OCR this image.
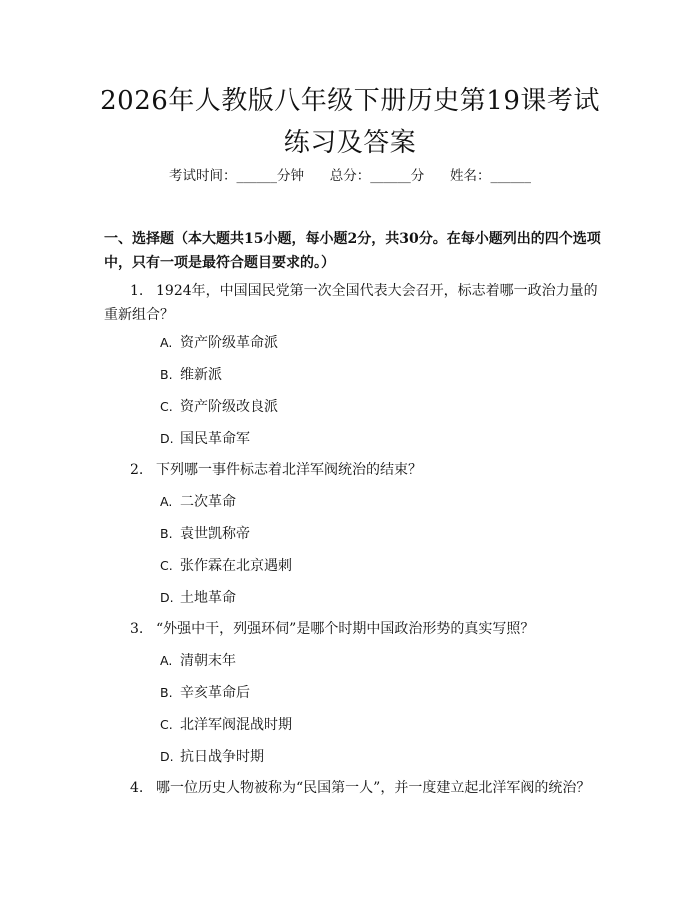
2026年人教版八年级下册历史第19课考试
练习及答案
考试时间：______分钟      总分：______分      姓名：______
一、选择题（本大题共15小题，每小题2分，共30分。在每小题列出的四个选项中，只有一项是最符合题目要求的。）
1. 1924年，中国国民党第一次全国代表大会召开，标志着哪一政治力量的重新组合？
A. 资产阶级革命派
B. 维新派
C. 资产阶级改良派
D. 国民革命军
2. 下列哪一事件标志着北洋军阀统治的结束？
A. 二次革命
B. 袁世凯称帝
C. 张作霖在北京遇刺
D. 土地革命
3. “外强中干，列强环伺”是哪个时期中国政治形势的真实写照？
A. 清朝末年
B. 辛亥革命后
C. 北洋军阀混战时期
D. 抗日战争时期
4. 哪一位历史人物被称为“民国第一人”，并一度建立起北洋军阀的统治？
